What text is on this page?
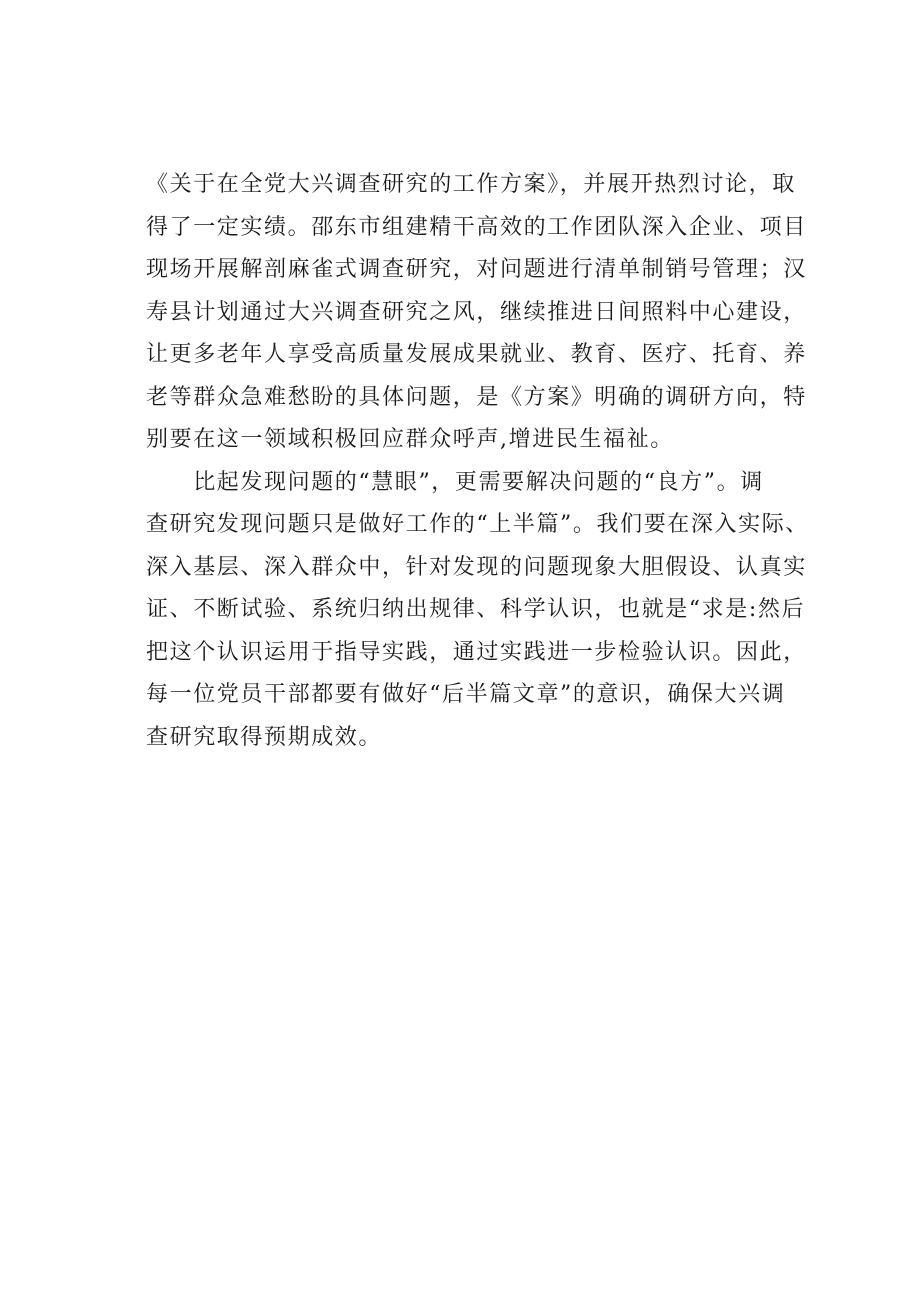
《关于在全党大兴调查研究的工作方案》，并展开热烈讨论，取
得了一定实绩。邵东市组建精干高效的工作团队深入企业、项目
现场开展解剖麻雀式调查研究，对问题进行清单制销号管理；汉
寿县计划通过大兴调查研究之风，继续推进日间照料中心建设，
让更多老年人享受高质量发展成果就业、教育、医疗、托育、养
老等群众急难愁盼的具体问题，是《方案》明确的调研方向，特
别要在这一领域积极回应群众呼声,增进民生福祉。
　　比起发现问题的“慧眼”，更需要解决问题的“良方”。调
查研究发现问题只是做好工作的“上半篇”。我们要在深入实际、
深入基层、深入群众中，针对发现的问题现象大胆假设、认真实
证、不断试验、系统归纳出规律、科学认识，也就是“求是:然后
把这个认识运用于指导实践，通过实践进一步检验认识。因此，
每一位党员干部都要有做好“后半篇文章”的意识，确保大兴调
查研究取得预期成效。
